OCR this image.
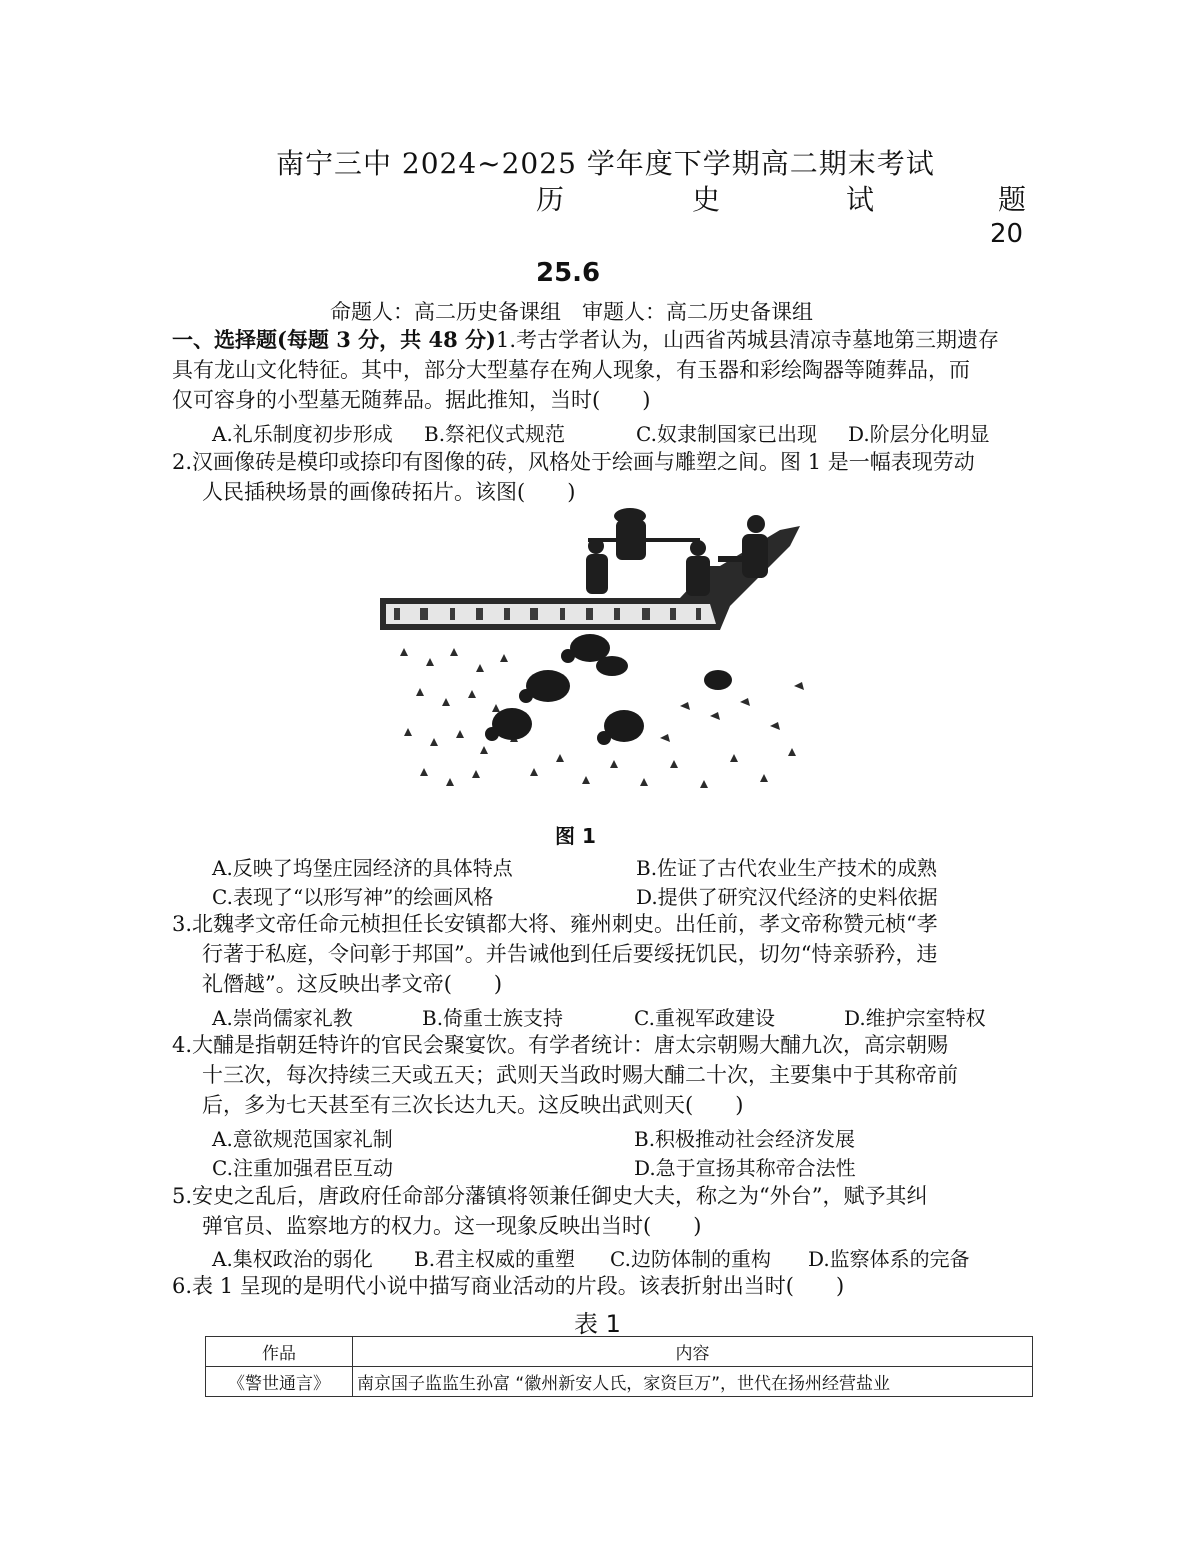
南宁三中 2024~2025 学年度下学期高二期末考试
历	史	试	题
20
25.6
命题人：高二历史备课组　审题人：高二历史备课组
一、选择题(每题 3 分，共 48 分)1.考古学者认为，山西省芮城县清凉寺墓地第三期遗存
具有龙山文化特征。其中，部分大型墓存在殉人现象，有玉器和彩绘陶器等随葬品，而
仅可容身的小型墓无随葬品。据此推知，当时(　　)
A.礼乐制度初步形成 B.祭祀仪式规范	C.奴隶制国家已出现 D.阶层分化明显
2.汉画像砖是模印或捺印有图像的砖，风格处于绘画与雕塑之间。图 1 是一幅表现劳动
人民插秧场景的画像砖拓片。该图(　　)
图 1
A.反映了坞堡庄园经济的具体特点	B.佐证了古代农业生产技术的成熟
C.表现了“以形写神”的绘画风格	D.提供了研究汉代经济的史料依据
3.北魏孝文帝任命元桢担任长安镇都大将、雍州刺史。出任前，孝文帝称赞元桢“孝
行著于私庭，令问彰于邦国”。并告诫他到任后要绥抚饥民，切勿“恃亲骄矜，违
礼僭越”。这反映出孝文帝(　　)
A.崇尚儒家礼教	B.倚重士族支持	C.重视军政建设	D.维护宗室特权
4.大酺是指朝廷特许的官民会聚宴饮。有学者统计：唐太宗朝赐大酺九次，高宗朝赐
十三次，每次持续三天或五天；武则天当政时赐大酺二十次，主要集中于其称帝前
后，多为七天甚至有三次长达九天。这反映出武则天(　　)
A.意欲规范国家礼制	B.积极推动社会经济发展
C.注重加强君臣互动	D.急于宣扬其称帝合法性
5.安史之乱后，唐政府任命部分藩镇将领兼任御史大夫，称之为“外台”，赋予其纠
弹官员、监察地方的权力。这一现象反映出当时(　　)
A.集权政治的弱化 B.君主权威的重塑 C.边防体制的重构 D.监察体系的完备
6.表 1 呈现的是明代小说中描写商业活动的片段。该表折射出当时(　　)
表 1
作品	内容
《警世通言》	南京国子监监生孙富 “徽州新安人氏，家资巨万”，世代在扬州经营盐业
